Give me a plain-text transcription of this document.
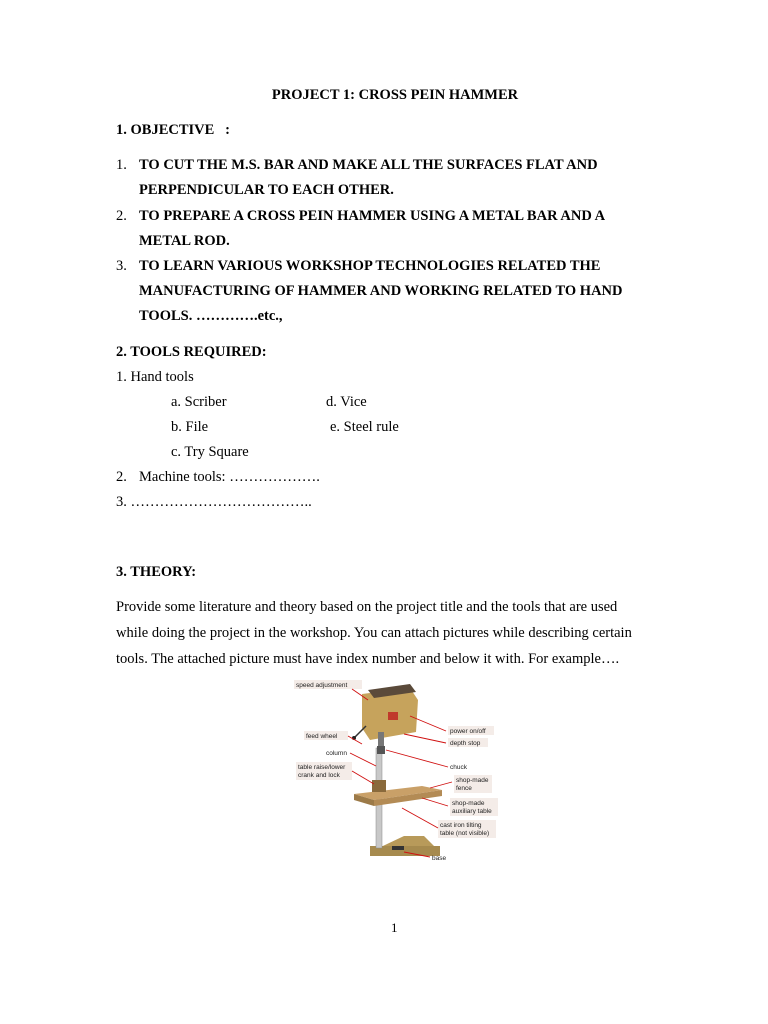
PROJECT 1: CROSS PEIN HAMMER
1. OBJECTIVE   :
1. TO CUT THE M.S. BAR AND MAKE ALL THE SURFACES FLAT AND
PERPENDICULAR TO EACH OTHER.
2. TO PREPARE A CROSS PEIN HAMMER USING A METAL BAR AND A
METAL ROD.
3. TO LEARN VARIOUS WORKSHOP TECHNOLOGIES RELATED THE
MANUFACTURING OF HAMMER AND WORKING RELATED TO HAND
TOOLS. ………….etc.,
2. TOOLS REQUIRED:
1. Hand tools
a. Scriber	d. Vice
b. File	e. Steel rule
c. Try Square
2. Machine tools: ……………….
3. ………………………………..
3. THEORY:
Provide some literature and theory based on the project title and the tools that are used
while doing the project in the workshop. You can attach pictures while describing certain
tools. The attached picture must have index number and below it with. For example….
speed adjustment
feed wheel
column
table raise/lower
crank and lock
power on/off
depth stop
chuck
shop-made
fence
shop-made
auxiliary table
cast iron tilting
table (not visible)
base
1
